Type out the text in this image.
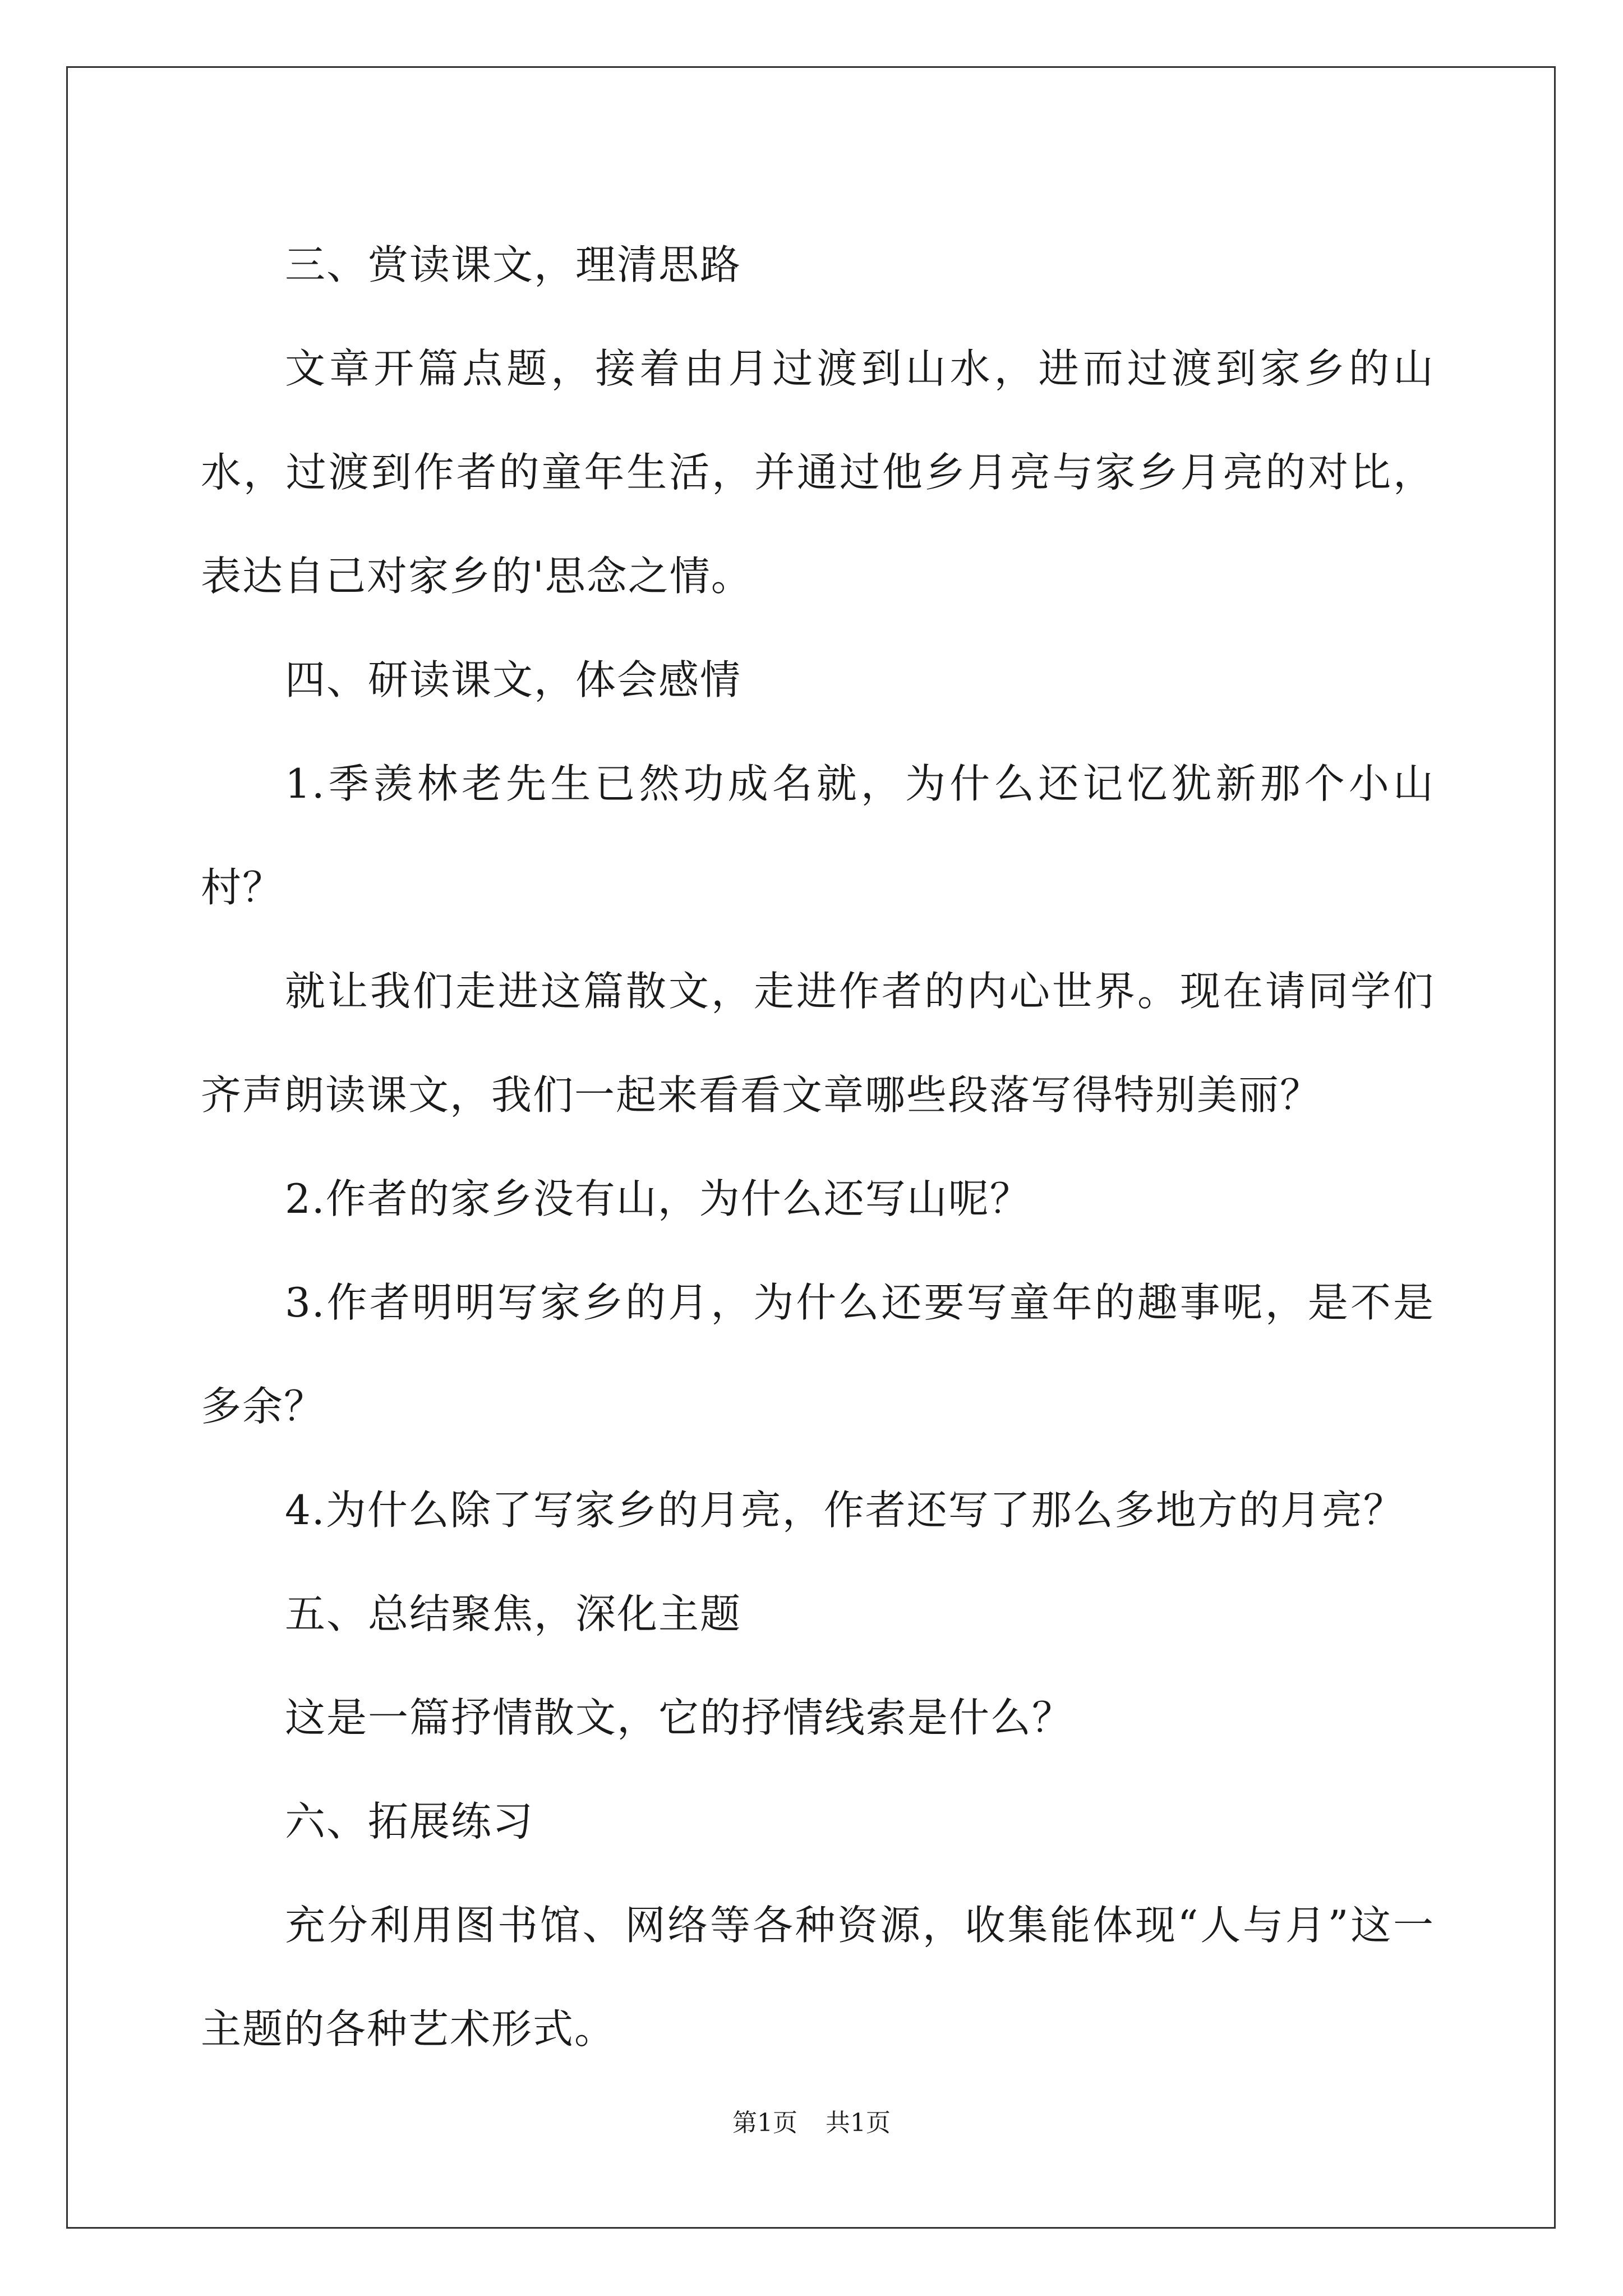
三、赏读课文，理清思路

文章开篇点题，接着由月过渡到山水，进而过渡到家乡的山水，过渡到作者的童年生活，并通过他乡月亮与家乡月亮的对比，表达自己对家乡的'思念之情。

四、研读课文，体会感情

1.季羡林老先生已然功成名就，为什么还记忆犹新那个小山村？

就让我们走进这篇散文，走进作者的内心世界。现在请同学们齐声朗读课文，我们一起来看看文章哪些段落写得特别美丽？

2.作者的家乡没有山，为什么还写山呢？

3.作者明明写家乡的月，为什么还要写童年的趣事呢，是不是多余？

4.为什么除了写家乡的月亮，作者还写了那么多地方的月亮？

五、总结聚焦，深化主题

这是一篇抒情散文，它的抒情线索是什么？

六、拓展练习

充分利用图书馆、网络等各种资源，收集能体现“人与月”这一主题的各种艺术形式。

第1页 共1页
